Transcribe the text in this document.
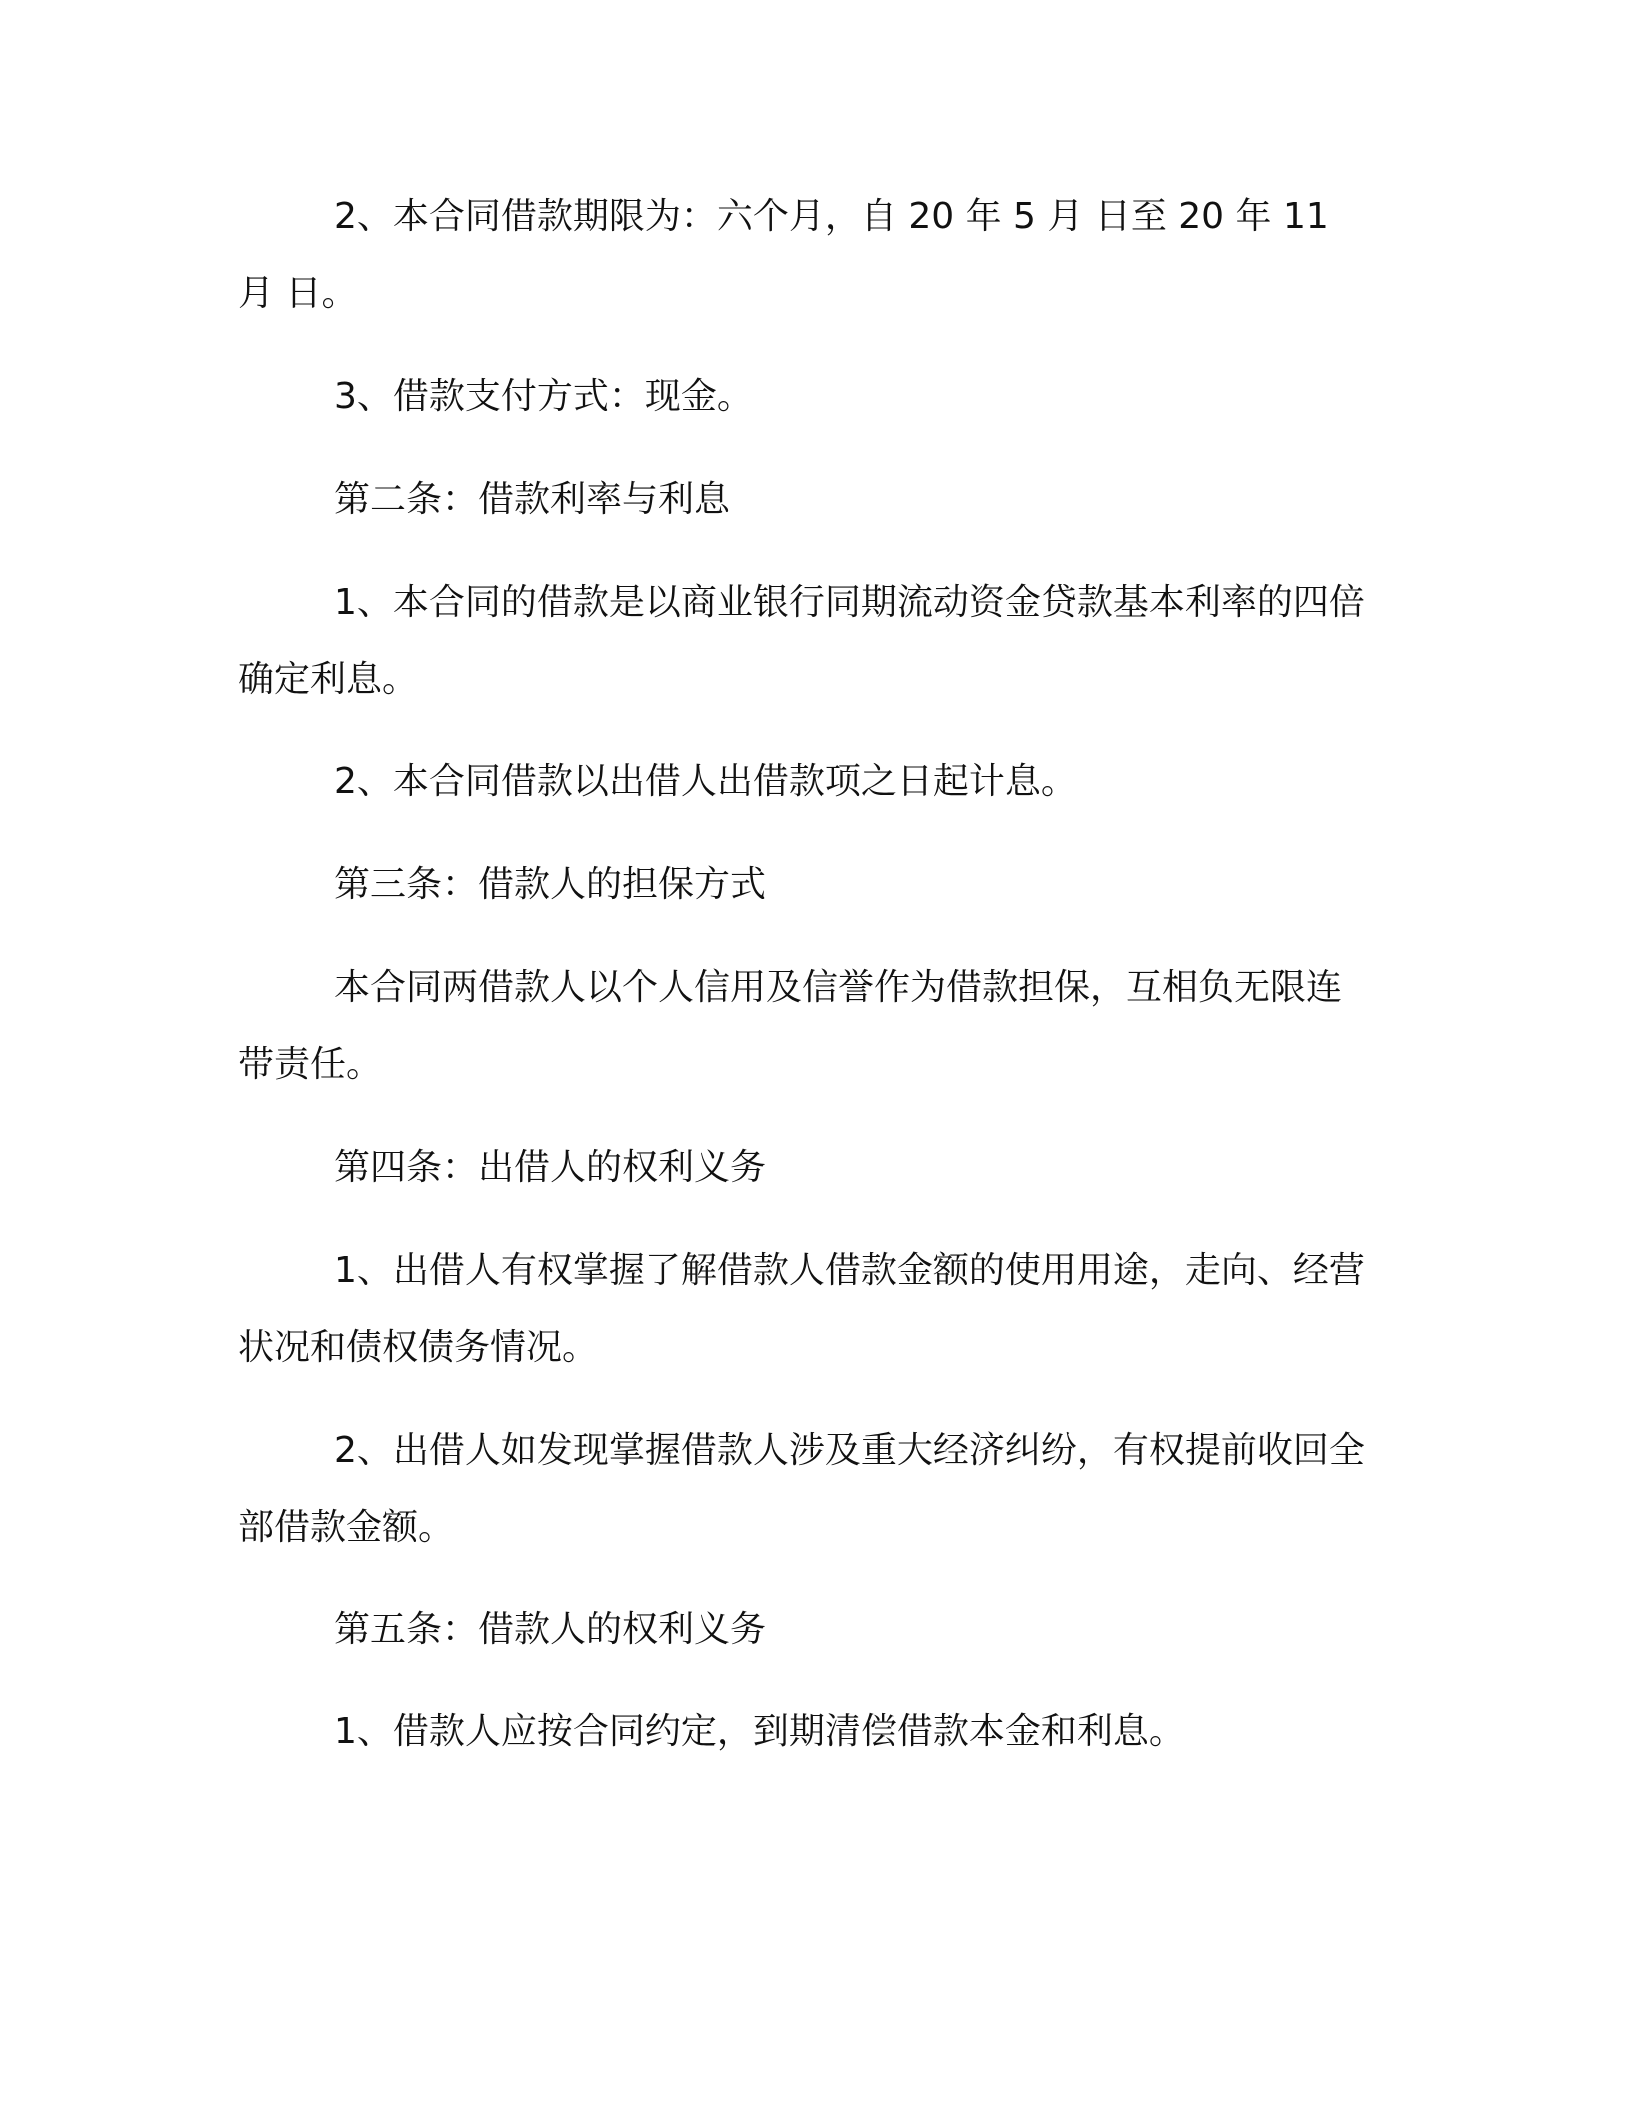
2、本合同借款期限为：六个月，自 20 年 5 月 日至 20 年 11 月 日。

3、借款支付方式：现金。

第二条：借款利率与利息

1、本合同的借款是以商业银行同期流动资金贷款基本利率的四倍确定利息。

2、本合同借款以出借人出借款项之日起计息。

第三条：借款人的担保方式

本合同两借款人以个人信用及信誉作为借款担保，互相负无限连带责任。

第四条：出借人的权利义务

1、出借人有权掌握了解借款人借款金额的使用用途，走向、经营状况和债权债务情况。

2、出借人如发现掌握借款人涉及重大经济纠纷，有权提前收回全部借款金额。

第五条：借款人的权利义务

1、借款人应按合同约定，到期清偿借款本金和利息。
